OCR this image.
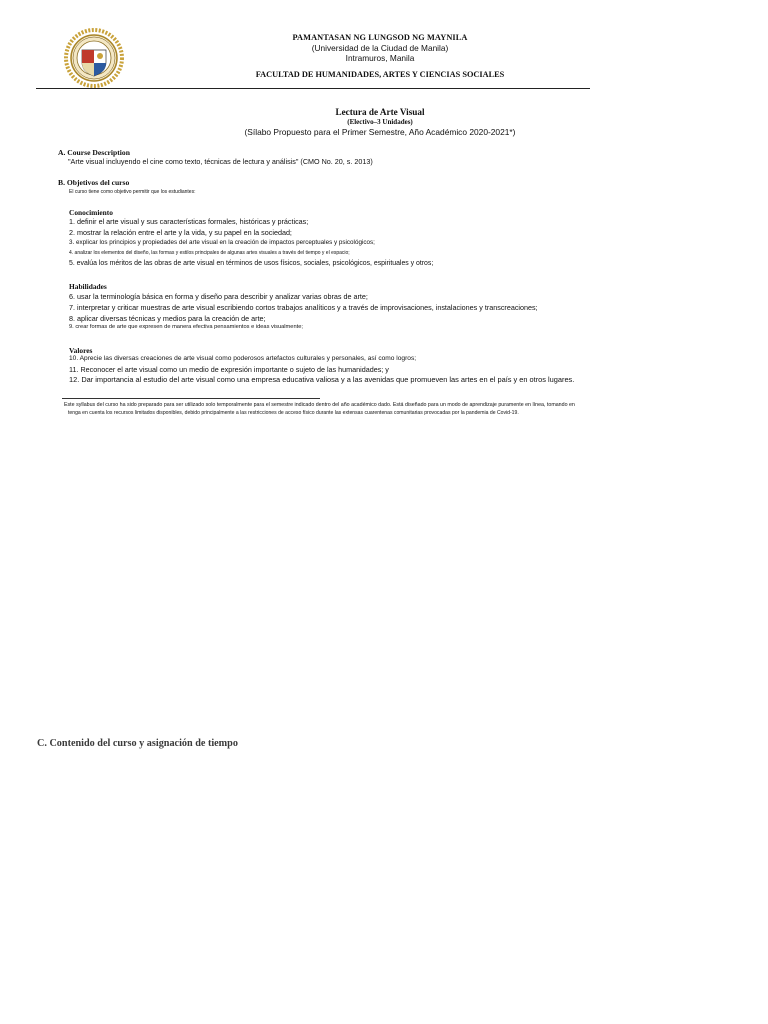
PAMANTASAN NG LUNGSOD NG MAYNILA
(Universidad de la Ciudad de Manila)
Intramuros, Manila
FACULTAD DE HUMANIDADES, ARTES Y CIENCIAS SOCIALES
Lectura de Arte Visual
(Electivo–3 Unidades)
(Sílabo Propuesto para el Primer Semestre, Año Académico 2020-2021*)
A. Course Description
"Arte visual incluyendo el cine como texto, técnicas de lectura y análisis" (CMO No. 20, s. 2013)
B. Objetivos del curso
El curso tiene como objetivo permitir que los estudiantes:
Conocimiento
1. definir el arte visual y sus características formales, históricas y prácticas;
2. mostrar la relación entre el arte y la vida, y su papel en la sociedad;
3. explicar los principios y propiedades del arte visual en la creación de impactos perceptuales y psicológicos;
4. analizar los elementos del diseño, las formas y estilos principales de algunas artes visuales a través del tiempo y el espacio;
5. evalúa los méritos de las obras de arte visual en términos de usos físicos, sociales, psicológicos, espirituales y otros;
Habilidades
6. usar la terminología básica en forma y diseño para describir y analizar varias obras de arte;
7. interpretar y criticar muestras de arte visual escribiendo cortos trabajos analíticos y a través de improvisaciones, instalaciones y transcreaciones;
8. aplicar diversas técnicas y medios para la creación de arte;
9. crear formas de arte que expresen de manera efectiva pensamientos e ideas visualmente;
Valores
10. Aprecie las diversas creaciones de arte visual como poderosos artefactos culturales y personales, así como logros;
11. Reconocer el arte visual como un medio de expresión importante o sujeto de las humanidades; y
12. Dar importancia al estudio del arte visual como una empresa educativa valiosa y a las avenidas que promueven las artes en el país y en otros lugares.
Este syllabus del curso ha sido preparado para ser utilizado solo temporalmente para el semestre indicado dentro del año académico dado. Está diseñado para un modo de aprendizaje puramente en línea, tomando en
tenga en cuenta los recursos limitados disponibles, debido principalmente a las restricciones de acceso físico durante las extensas cuarentenas comunitarias provocadas por la pandemia de Covid-19.
C. Contenido del curso y asignación de tiempo
